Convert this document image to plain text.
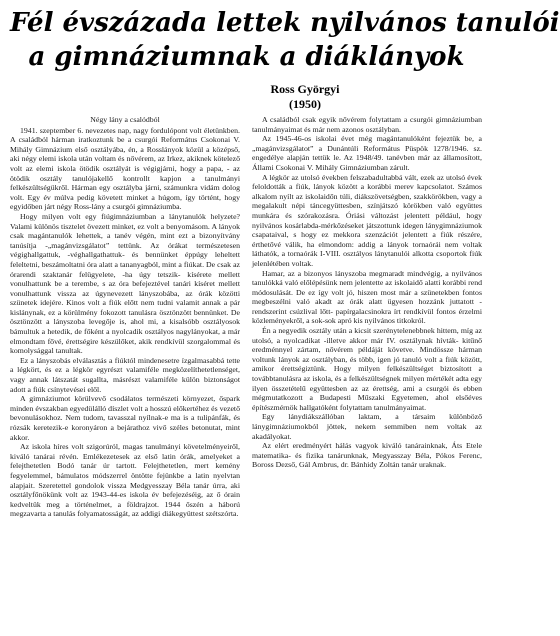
Fél évszázada lettek nyilvános tanulói
a gimnáziumnak a diáklányok
Ross Györgyi
(1950)

Négy lány a csalódból

1941. szeptember 6. nevezetes nap, nagy fordulópont volt életünkben. A családból hárman iratkoztunk be a csurgói Református Csokonai V. Mihály Gimnázium első osztályába, én, a Rosslányok közül a középső, aki négy elemi iskola után voltam és nővérem, az Irkez, akiknek kötelező volt az elemi iskola ötödik osztályát is végigjárni, hogy a papa, - az ötödik osztály tanulójakellő kontrollt kapjon a tanulmányi felkészültségükről. Hárman egy osztályba járni, számunkra vidám dolog volt. Egy év múlva pedig követett minket a húgom, így történt, hogy egyidőben járt négy Ross-lány a csurgói gimnáziumba.

Hogy milyen volt egy fiúgimnáziumban a lánytanulók helyzete? Valami különös tisztelet övezett minket, ez volt a benyomásom. A lányok csak magántanulók lehettek, a tanév végén, mint ezt a bizonyítvány tanúsítja -„magánvizsgálatot” tettünk. Az órákat természetesen végighallgattuk, -véghallgathattuk- és bennünket éppúgy leheltett feleltetni, beszámoltatni óra alatt a tananyagból, mint a fiúkat. De csak az órarendi szaktanár felügyelete, -ha úgy tetszik- kísérete mellett vonulhattunk be a terembe, s az óra befejeztével tanári kíséret mellett vonulhattunk vissza az úgynevezett lányszobába, az órák közötti szünetek idejére. Kinos volt a fiúk előtt nem tudni valamit annak a pár kislánynak, ez a körülmény fokozott tanulásra ösztönzött bennünket. De ösztönzött a lányszoba levegője is, ahol mi, a kisalsóbb osztályosok bámultuk a hetedik, de főként a nyolcadik osztályos nagylányokat, a már elmondtam fővé, érettségire készülőket, akik rendkívül szorgalommal és komolysággal tanultak.

Ez a lányszobás elválasztás a fiúktól mindenesetre ízgalmasabbá tette a légkört, és ez a légkör egyrészt valamiféle megközelíthetetlenséget, vagy annak látszatát sugallta, másrészt valamiféle külön biztonságot adott a fiúk csínytevései elől.

A gimnáziumot körülvevő csodálatos természeti környezet, őspark minden évszakban egyedülálló díszlet volt a hosszú előkertéhez és vezető bevonulásokhoz. Nem tudom, tavasszal nyílnak-e ma is a tulipánfák, és rózsák keretezik-e koronyáron a bejárathoz vivő széles betonutat, mint akkor.

Az iskola híres volt szigorúról, magas tanulmányi követelményeiről, kiváló tanárai révén. Emlékezetesek az első latin órák, amelyeket a felejthetetlen Bodó tanár úr tartott. Felejthetetlen, mert kemény fegyelemmel, bámulatos módszerrel öntötte fejünkbe a latin nyelvtan alapjait. Szeretettel gondolok vissza Medgyesszay Béla tanár úrra, aki osztályfőnökünk volt az 1943-44-es iskola év befejezéséig, az ő órain kedveltük meg a történelmet, a földrajzot. 1944 őszén a háború megzavarta a tanulás folyamatosságát, az addigi diákegyüttest szétszórta.

A családból csak egyik nővérem folytattam a csurgói gimnáziumban tanulmányaimat és már nem azonos osztályban.

Az 1945-46-os iskolai évet még magántanulóként fejeztük be, a „magánvizsgálatot” a Dunántúli Református Püspök 1278/1946. sz. engedélye alapján tettük le. Az 1948/49. tanévben már az államosított, Állami Csokonai V. Mihály Gimnáziumban zárult.

A légkör az utolsó években felszabadultabbá vált, ezek az utolsó évek feloldották a fiúk, lányok között a korábbi merev kapcsolatot. Számos alkalom nyílt az iskolaidőn túli, diákszövetségben, szakkörökben, vagy a megalakult népi táncegyüttesben, színjátszó körökben való együttes munkára és szórakozásra. Óriási változást jelentett például, hogy nyilvános kosárlabda-mérkőzéseket játszottunk idegen lánygimnáziumok csapataival, s hogy ez mekkora szenzációt jelentett a fiúk részére, érthetővé válik, ha elmondom: addig a lányok tornaórái nem voltak láthatók, a tornaórák I-VIII. osztályos lánytanulói alkotta csoportok fiúk jelenlétében voltak.

Hamar, az a bizonyos lányszoba megmaradt mindvégig, a nyilvános tanulókká való előlépésünk nem jelentette az iskolaidő alatti korábbi rend módosulását. De ez így volt jó, hiszen most már a szünetekben fontos megbeszélni való akadt az órák alatt ügyesen hozzánk juttatott -rendszerint csúzlival lőtt- papírgalacsinokra írt rendkívül fontos érzelmi közleményekről, a sok-sok apró kis nyilvános titkokról.

Én a negyedik osztály után a kicsit szerénytelenebbnek hittem, míg az utolsó, a nyolcadikat -illetve akkor már IV. osztálynak hívták- kitűnő eredménnyel zártam, nővérem példáját követve. Mindössze hárman voltunk lányok az osztályban, és több, igen jó tanuló volt a fiúk között, amikor érettségiztünk. Hogy milyen felkészültséget biztosított a továbbtanulásra az iskola, és a felkészültségnek milyen mértékét adta egy ilyen összetételű együttesben az az érettség, ami a csurgói és ebben mégmutatkozott a Budapesti Műszaki Egyetemen, ahol elsőéves építészmérnök hallgatóként folytattam tanulmányaimat.

Egy lánydiákszállóban laktam, a társaim különböző lánygimnáziumokból jöttek, nekem semmiben nem voltak az akadályokat.

Az elért eredményért hálás vagyok kiváló tanárainknak, Áts Etele matematika- és fizika tanárunknak, Megyasszay Béla, Pókos Ferenc, Boross Dezső, Gál Ambrus, dr. Bánhidy Zoltán tanár uraknak.
